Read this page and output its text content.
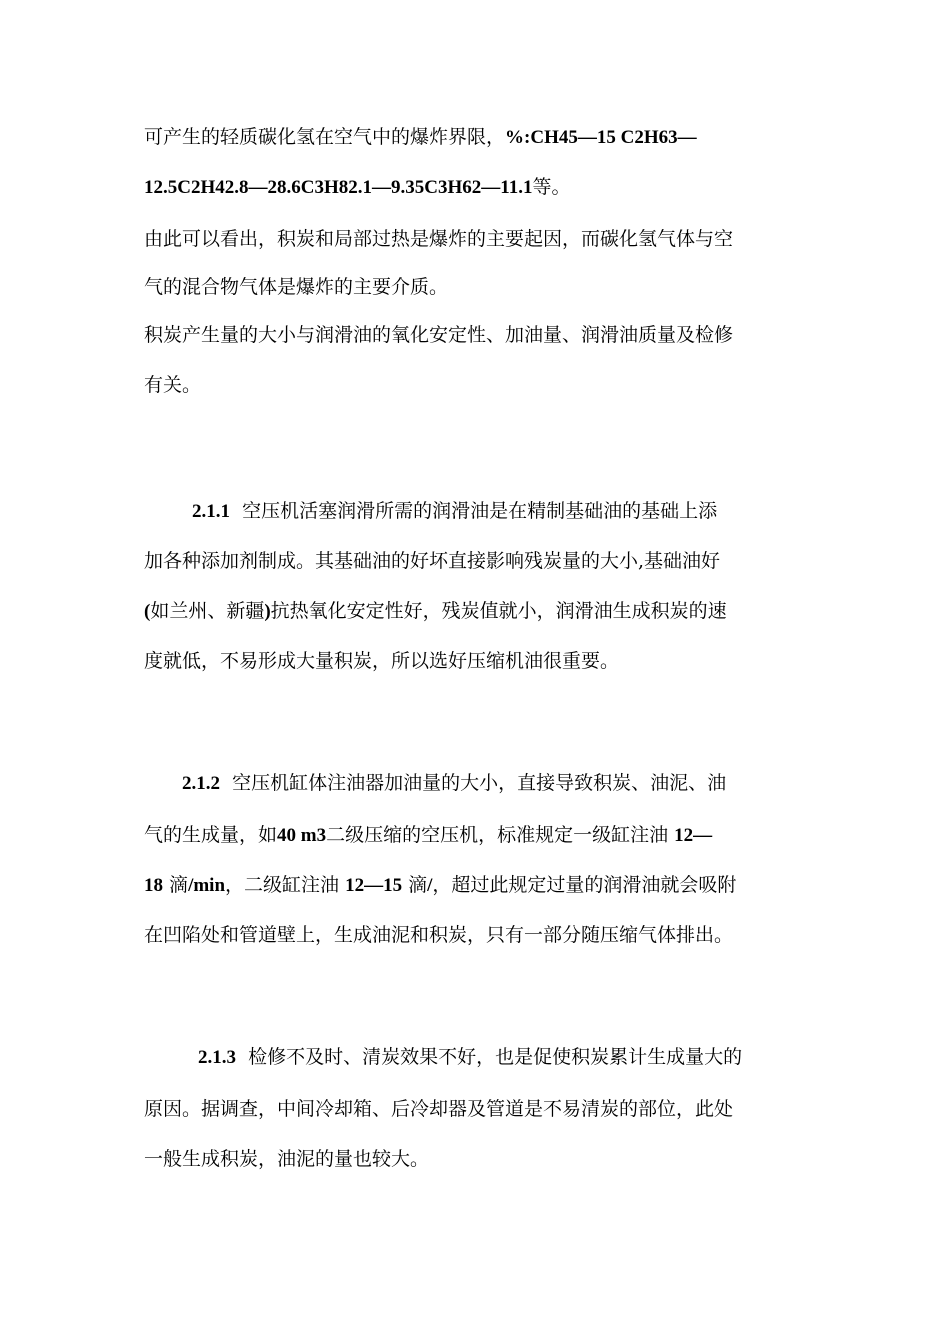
可产生的轻质碳化氢在空气中的爆炸界限，%:CH45—15 C2H63—
12.5C2H42.8—28.6C3H82.1—9.35C3H62—11.1等。
由此可以看出，积炭和局部过热是爆炸的主要起因，而碳化氢气体与空
气的混合物气体是爆炸的主要介质。
积炭产生量的大小与润滑油的氧化安定性、加油量、润滑油质量及检修
有关。
2.1.1 空压机活塞润滑所需的润滑油是在精制基础油的基础上添
加各种添加剂制成。其基础油的好坏直接影响残炭量的大小,基础油好
(如兰州、新疆)抗热氧化安定性好，残炭值就小，润滑油生成积炭的速
度就低，不易形成大量积炭，所以选好压缩机油很重要。
2.1.2 空压机缸体注油器加油量的大小，直接导致积炭、油泥、油
气的生成量，如40 m3二级压缩的空压机，标准规定一级缸注油 12—
18 滴/min，二级缸注油 12—15 滴/，超过此规定过量的润滑油就会吸附
在凹陷处和管道壁上，生成油泥和积炭，只有一部分随压缩气体排出。
2.1.3 检修不及时、清炭效果不好，也是促使积炭累计生成量大的
原因。据调查，中间冷却箱、后冷却器及管道是不易清炭的部位，此处
一般生成积炭，油泥的量也较大。
